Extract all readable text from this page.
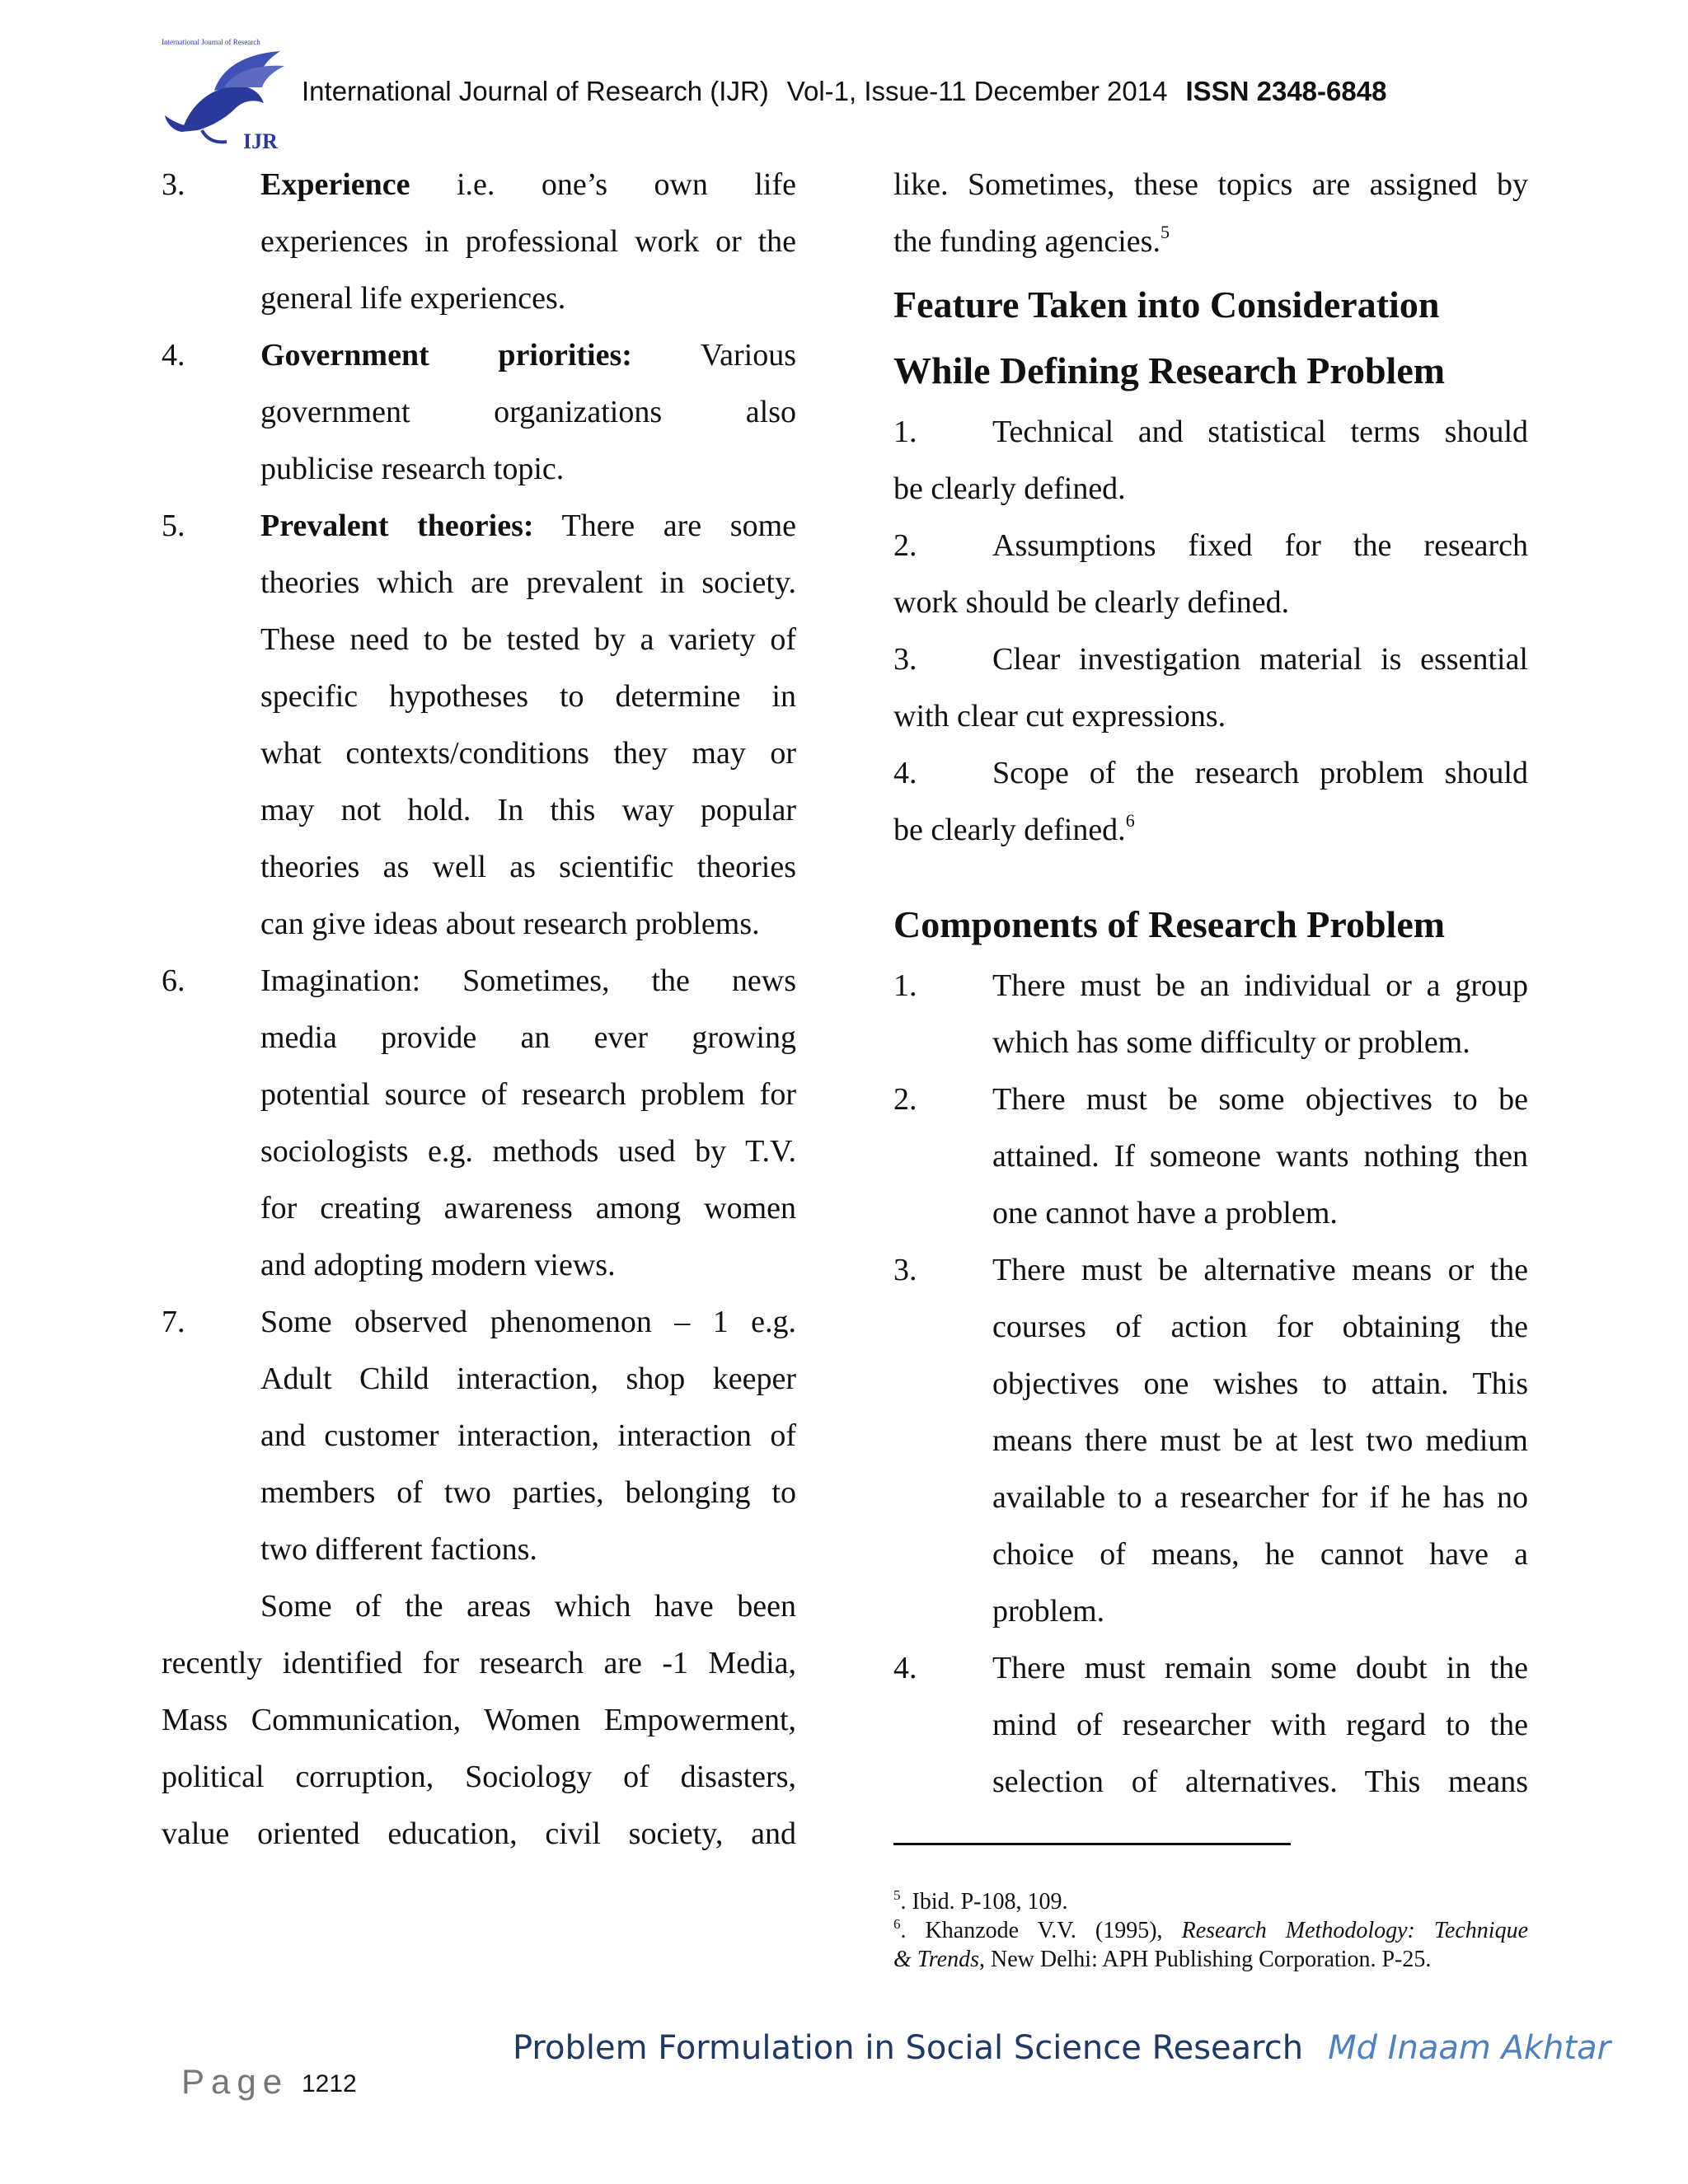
International Journal of Research
IJR
International Journal of Research (IJR) Vol-1, Issue-11 December 2014 ISSN 2348-6848
3. Experience i.e. one’s own life
experiences in professional work or the
general life experiences.
4. Government priorities: Various
government organizations also
publicise research topic.
5. Prevalent theories: There are some
theories which are prevalent in society.
These need to be tested by a variety of
specific hypotheses to determine in
what contexts/conditions they may or
may not hold. In this way popular
theories as well as scientific theories
can give ideas about research problems.
6. Imagination: Sometimes, the news
media provide an ever growing
potential source of research problem for
sociologists e.g. methods used by T.V.
for creating awareness among women
and adopting modern views.
7. Some observed phenomenon – 1 e.g.
Adult Child interaction, shop keeper
and customer interaction, interaction of
members of two parties, belonging to
two different factions.
Some of the areas which have been
recently identified for research are -1 Media,
Mass Communication, Women Empowerment,
political corruption, Sociology of disasters,
value oriented education, civil society, and
like. Sometimes, these topics are assigned by
the funding agencies.$^5$
Feature Taken into Consideration
While Defining Research Problem
1. Technical and statistical terms should
be clearly defined.
2. Assumptions fixed for the research
work should be clearly defined.
3. Clear investigation material is essential
with clear cut expressions.
4. Scope of the research problem should
be clearly defined.$^6$
Components of Research Problem
1. There must be an individual or a group
which has some difficulty or problem.
2. There must be some objectives to be
attained. If someone wants nothing then
one cannot have a problem.
3. There must be alternative means or the
courses of action for obtaining the
objectives one wishes to attain. This
means there must be at lest two medium
available to a researcher for if he has no
choice of means, he cannot have a
problem.
4. There must remain some doubt in the
mind of researcher with regard to the
selection of alternatives. This means
$^5$. Ibid. P-108, 109.
$^6$. Khanzode V.V. (1995), Research Methodology: Technique
& Trends, New Delhi: APH Publishing Corporation. P-25.
Problem Formulation in Social Science Research Md Inaam Akhtar
Page 1212
